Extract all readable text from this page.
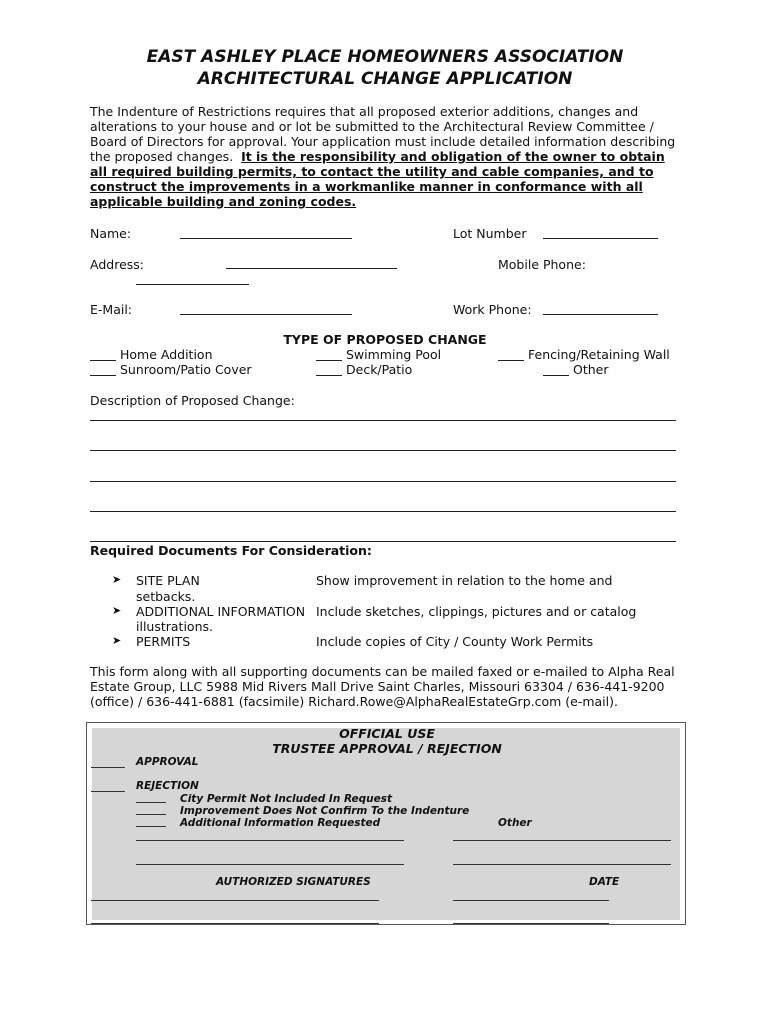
EAST ASHLEY PLACE HOMEOWNERS ASSOCIATION
ARCHITECTURAL CHANGE APPLICATION
The Indenture of Restrictions requires that all proposed exterior additions, changes and alterations to your house and or lot be submitted to the Architectural Review Committee / Board of Directors for approval. Your application must include detailed information describing the proposed changes. It is the responsibility and obligation of the owner to obtain all required building permits, to contact the utility and cable companies, and to construct the improvements in a workmanlike manner in conformance with all applicable building and zoning codes.
Name:	Lot Number
Address:	Mobile Phone:
E-Mail:	Work Phone:
TYPE OF PROPOSED CHANGE
Home Addition	Swimming Pool	Fencing/Retaining Wall
Sunroom/Patio Cover	Deck/Patio	Other
Description of Proposed Change:
Required Documents For Consideration:
➤ SITE PLAN	Show improvement in relation to the home and
setbacks.
➤ ADDITIONAL INFORMATION Include sketches, clippings, pictures and or catalog
illustrations.
➤ PERMITS	Include copies of City / County Work Permits
This form along with all supporting documents can be mailed faxed or e-mailed to Alpha Real Estate Group, LLC 5988 Mid Rivers Mall Drive Saint Charles, Missouri 63304 / 636-441-9200 (office) / 636-441-6881 (facsimile) Richard.Rowe@AlphaRealEstateGrp.com (e-mail).
OFFICIAL USE
TRUSTEE APPROVAL / REJECTION
APPROVAL
REJECTION
City Permit Not Included In Request
Improvement Does Not Confirm To the Indenture
Additional Information Requested	Other
AUTHORIZED SIGNATURES	DATE
